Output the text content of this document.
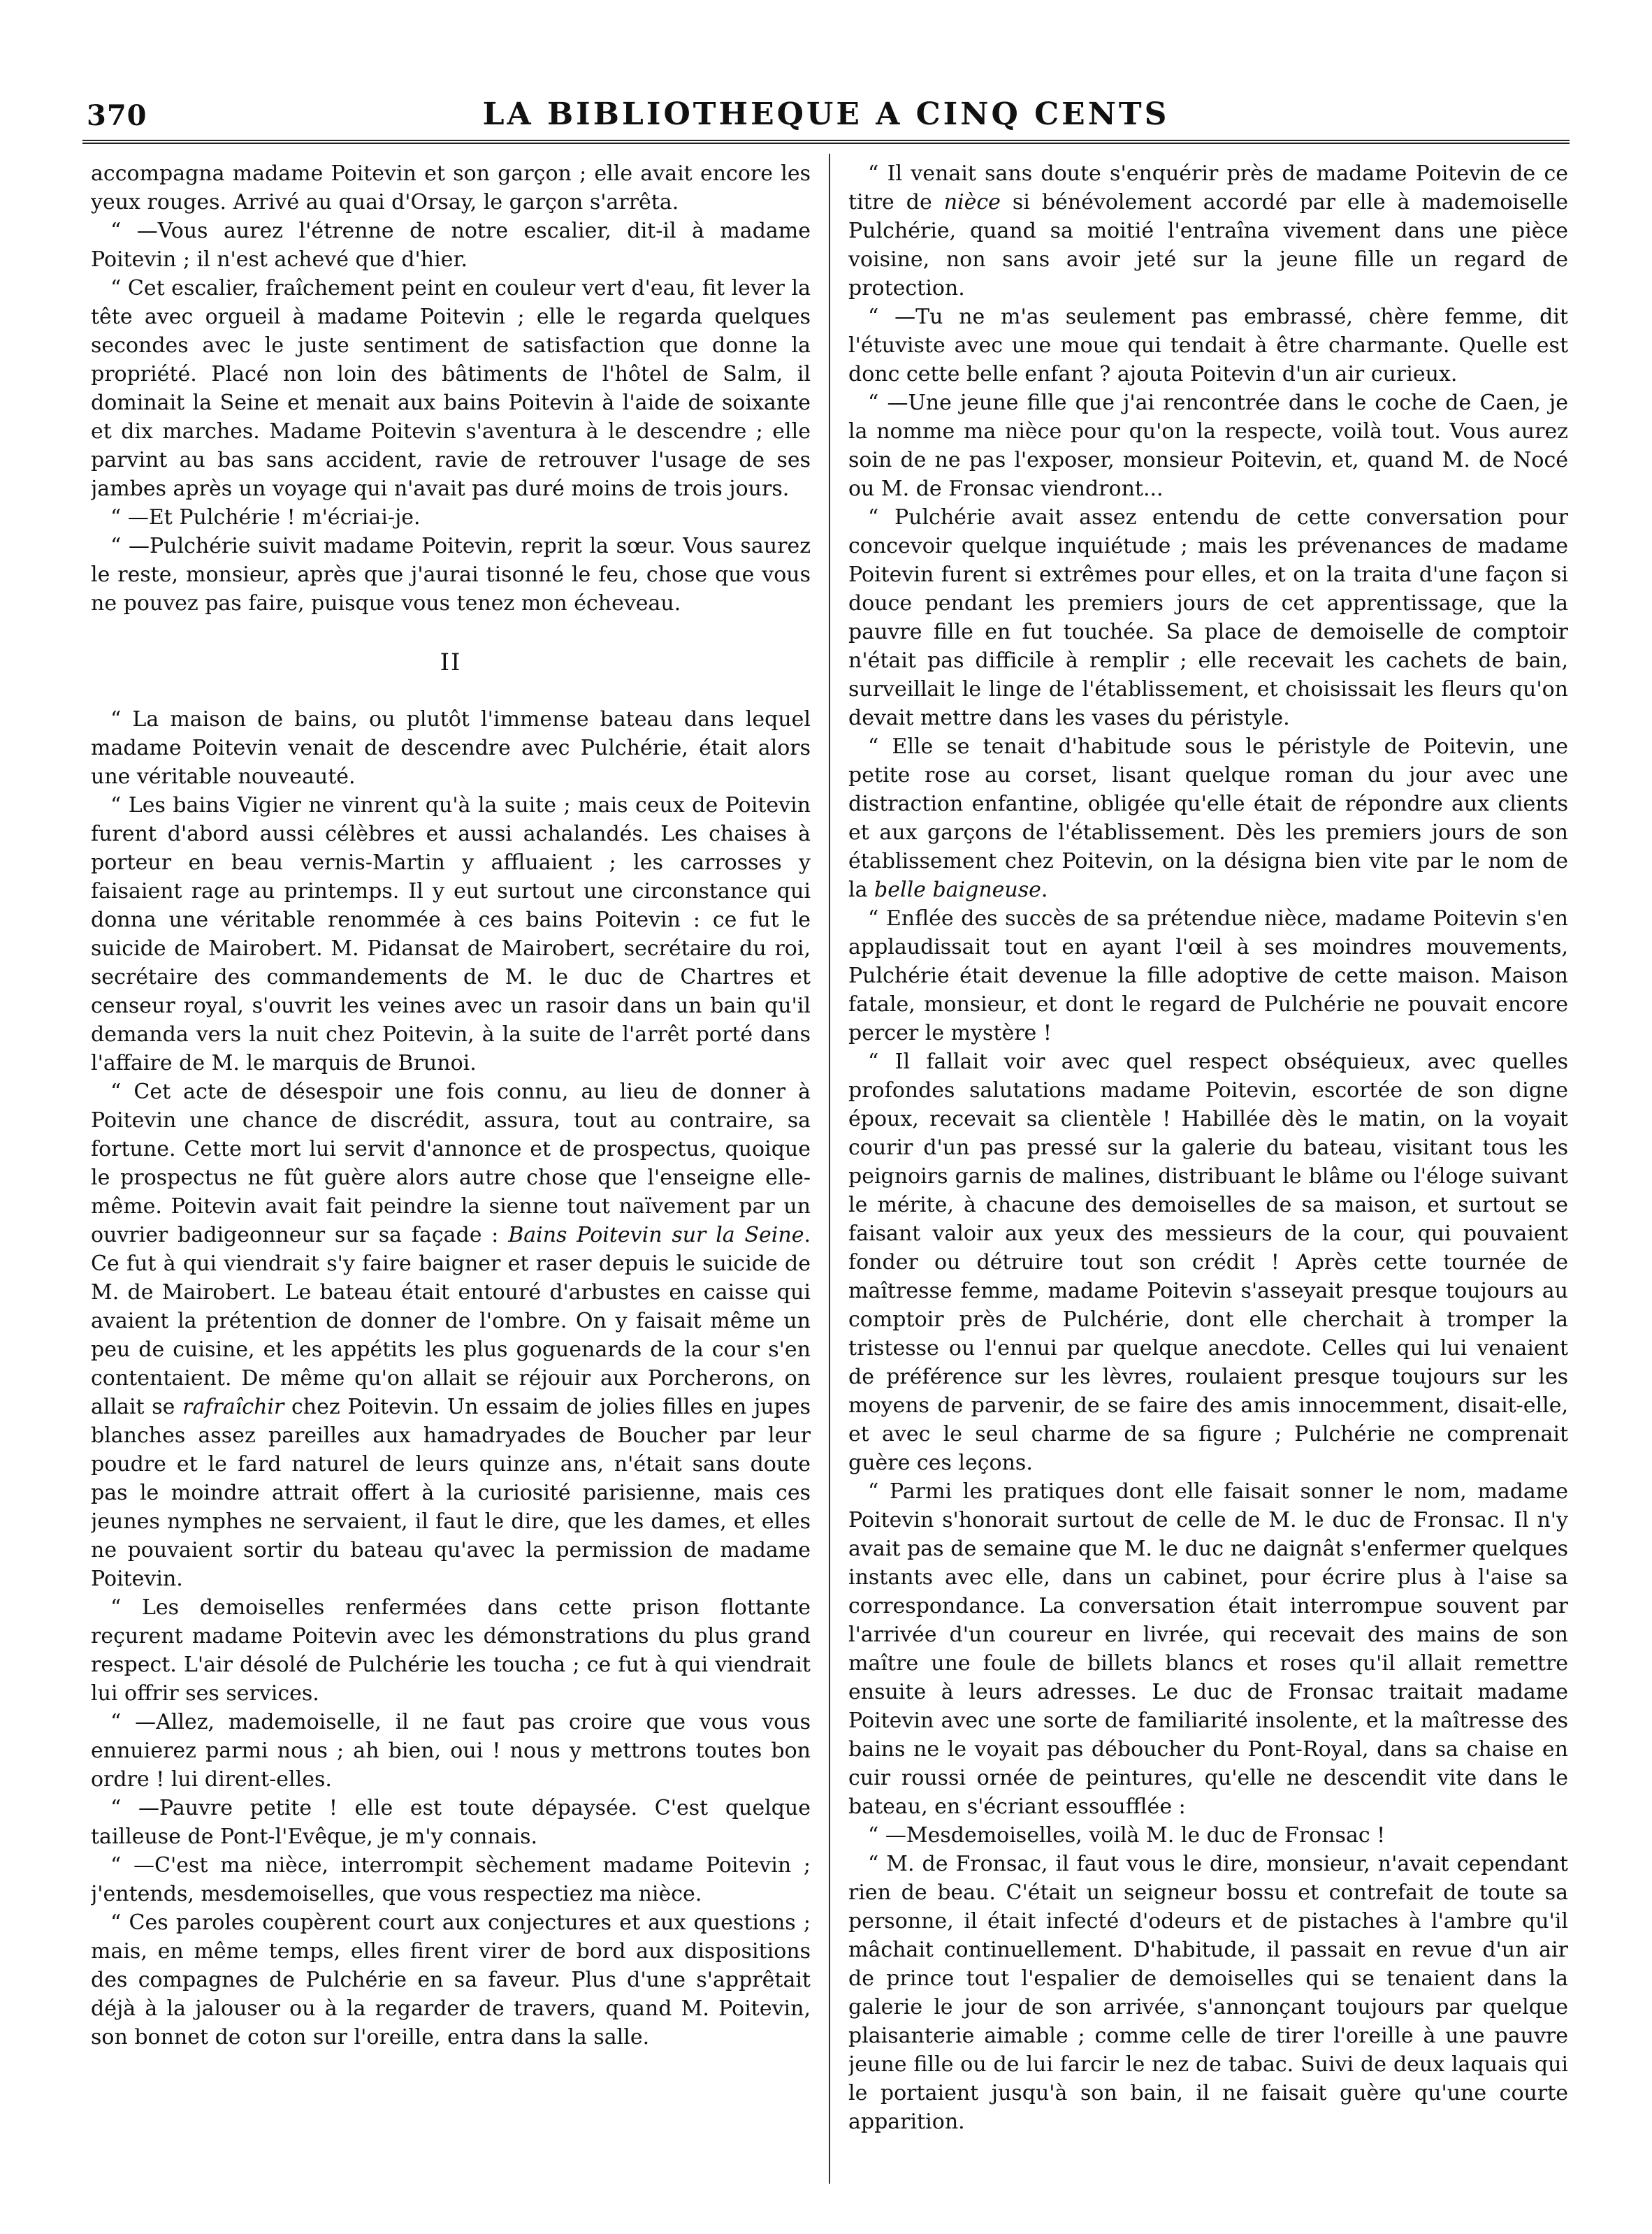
370	LA BIBLIOTHEQUE A CINQ CENTS

accompagna madame Poitevin et son garçon ; elle avait encore les yeux rouges. Arrivé au quai d'Orsay, le garçon s'arrêta.

“ —Vous aurez l'étrenne de notre escalier, dit-il à madame Poitevin ; il n'est achevé que d'hier.

“ Cet escalier, fraîchement peint en couleur vert d'eau, fit lever la tête avec orgueil à madame Poitevin ; elle le regarda quelques secondes avec le juste sentiment de satisfaction que donne la propriété. Placé non loin des bâtiments de l'hôtel de Salm, il dominait la Seine et menait aux bains Poitevin à l'aide de soixante et dix marches. Madame Poitevin s'aventura à le descendre ; elle parvint au bas sans accident, ravie de retrouver l'usage de ses jambes après un voyage qui n'avait pas duré moins de trois jours.

“ —Et Pulchérie ! m'écriai-je.

“ —Pulchérie suivit madame Poitevin, reprit la sœur. Vous saurez le reste, monsieur, après que j'aurai tisonné le feu, chose que vous ne pouvez pas faire, puisque vous tenez mon écheveau.

II

“ La maison de bains, ou plutôt l'immense bateau dans lequel madame Poitevin venait de descendre avec Pulchérie, était alors une véritable nouveauté.

“ Les bains Vigier ne vinrent qu'à la suite ; mais ceux de Poitevin furent d'abord aussi célèbres et aussi achalandés. Les chaises à porteur en beau vernis-Martin y affluaient ; les carrosses y faisaient rage au printemps. Il y eut surtout une circonstance qui donna une véritable renommée à ces bains Poitevin : ce fut le suicide de Mairobert. M. Pidansat de Mairobert, secrétaire du roi, secrétaire des commandements de M. le duc de Chartres et censeur royal, s'ouvrit les veines avec un rasoir dans un bain qu'il demanda vers la nuit chez Poitevin, à la suite de l'arrêt porté dans l'affaire de M. le marquis de Brunoi.

“ Cet acte de désespoir une fois connu, au lieu de donner à Poitevin une chance de discrédit, assura, tout au contraire, sa fortune. Cette mort lui servit d'annonce et de prospectus, quoique le prospectus ne fût guère alors autre chose que l'enseigne elle-même. Poitevin avait fait peindre la sienne tout naïvement par un ouvrier badigeonneur sur sa façade : Bains Poitevin sur la Seine. Ce fut à qui viendrait s'y faire baigner et raser depuis le suicide de M. de Mairobert. Le bateau était entouré d'arbustes en caisse qui avaient la prétention de donner de l'ombre. On y faisait même un peu de cuisine, et les appétits les plus goguenards de la cour s'en contentaient. De même qu'on allait se réjouir aux Porcherons, on allait se rafraîchir chez Poitevin. Un essaim de jolies filles en jupes blanches assez pareilles aux hamadryades de Boucher par leur poudre et le fard naturel de leurs quinze ans, n'était sans doute pas le moindre attrait offert à la curiosité parisienne, mais ces jeunes nymphes ne servaient, il faut le dire, que les dames, et elles ne pouvaient sortir du bateau qu'avec la permission de madame Poitevin.

“ Les demoiselles renfermées dans cette prison flottante reçurent madame Poitevin avec les démonstrations du plus grand respect. L'air désolé de Pulchérie les toucha ; ce fut à qui viendrait lui offrir ses services.

“ —Allez, mademoiselle, il ne faut pas croire que vous vous ennuierez parmi nous ; ah bien, oui ! nous y mettrons toutes bon ordre ! lui dirent-elles.

“ —Pauvre petite ! elle est toute dépaysée. C'est quelque tailleuse de Pont-l'Evêque, je m'y connais.

“ —C'est ma nièce, interrompit sèchement madame Poitevin ; j'entends, mesdemoiselles, que vous respectiez ma nièce.

“ Ces paroles coupèrent court aux conjectures et aux questions ; mais, en même temps, elles firent virer de bord aux dispositions des compagnes de Pulchérie en sa faveur. Plus d'une s'apprêtait déjà à la jalouser ou à la regarder de travers, quand M. Poitevin, son bonnet de coton sur l'oreille, entra dans la salle.

“ Il venait sans doute s'enquérir près de madame Poitevin de ce titre de nièce si bénévolement accordé par elle à mademoiselle Pulchérie, quand sa moitié l'entraîna vivement dans une pièce voisine, non sans avoir jeté sur la jeune fille un regard de protection.

“ —Tu ne m'as seulement pas embrassé, chère femme, dit l'étuviste avec une moue qui tendait à être charmante. Quelle est donc cette belle enfant ? ajouta Poitevin d'un air curieux.

“ —Une jeune fille que j'ai rencontrée dans le coche de Caen, je la nomme ma nièce pour qu'on la respecte, voilà tout. Vous aurez soin de ne pas l'exposer, monsieur Poitevin, et, quand M. de Nocé ou M. de Fronsac viendront...

“ Pulchérie avait assez entendu de cette conversation pour concevoir quelque inquiétude ; mais les prévenances de madame Poitevin furent si extrêmes pour elles, et on la traita d'une façon si douce pendant les premiers jours de cet apprentissage, que la pauvre fille en fut touchée. Sa place de demoiselle de comptoir n'était pas difficile à remplir ; elle recevait les cachets de bain, surveillait le linge de l'établissement, et choisissait les fleurs qu'on devait mettre dans les vases du péristyle.

“ Elle se tenait d'habitude sous le péristyle de Poitevin, une petite rose au corset, lisant quelque roman du jour avec une distraction enfantine, obligée qu'elle était de répondre aux clients et aux garçons de l'établissement. Dès les premiers jours de son établissement chez Poitevin, on la désigna bien vite par le nom de la belle baigneuse.

“ Enflée des succès de sa prétendue nièce, madame Poitevin s'en applaudissait tout en ayant l'œil à ses moindres mouvements, Pulchérie était devenue la fille adoptive de cette maison. Maison fatale, monsieur, et dont le regard de Pulchérie ne pouvait encore percer le mystère !

“ Il fallait voir avec quel respect obséquieux, avec quelles profondes salutations madame Poitevin, escortée de son digne époux, recevait sa clientèle ! Habillée dès le matin, on la voyait courir d'un pas pressé sur la galerie du bateau, visitant tous les peignoirs garnis de malines, distribuant le blâme ou l'éloge suivant le mérite, à chacune des demoiselles de sa maison, et surtout se faisant valoir aux yeux des messieurs de la cour, qui pouvaient fonder ou détruire tout son crédit ! Après cette tournée de maîtresse femme, madame Poitevin s'asseyait presque toujours au comptoir près de Pulchérie, dont elle cherchait à tromper la tristesse ou l'ennui par quelque anecdote. Celles qui lui venaient de préférence sur les lèvres, roulaient presque toujours sur les moyens de parvenir, de se faire des amis innocemment, disait-elle, et avec le seul charme de sa figure ; Pulchérie ne comprenait guère ces leçons.

“ Parmi les pratiques dont elle faisait sonner le nom, madame Poitevin s'honorait surtout de celle de M. le duc de Fronsac. Il n'y avait pas de semaine que M. le duc ne daignât s'enfermer quelques instants avec elle, dans un cabinet, pour écrire plus à l'aise sa correspondance. La conversation était interrompue souvent par l'arrivée d'un coureur en livrée, qui recevait des mains de son maître une foule de billets blancs et roses qu'il allait remettre ensuite à leurs adresses. Le duc de Fronsac traitait madame Poitevin avec une sorte de familiarité insolente, et la maîtresse des bains ne le voyait pas déboucher du Pont-Royal, dans sa chaise en cuir roussi ornée de peintures, qu'elle ne descendit vite dans le bateau, en s'écriant essoufflée :

“ —Mesdemoiselles, voilà M. le duc de Fronsac !

“ M. de Fronsac, il faut vous le dire, monsieur, n'avait cependant rien de beau. C'était un seigneur bossu et contrefait de toute sa personne, il était infecté d'odeurs et de pistaches à l'ambre qu'il mâchait continuellement. D'habitude, il passait en revue d'un air de prince tout l'espalier de demoiselles qui se tenaient dans la galerie le jour de son arrivée, s'annonçant toujours par quelque plaisanterie aimable ; comme celle de tirer l'oreille à une pauvre jeune fille ou de lui farcir le nez de tabac. Suivi de deux laquais qui le portaient jusqu'à son bain, il ne faisait guère qu'une courte apparition.
